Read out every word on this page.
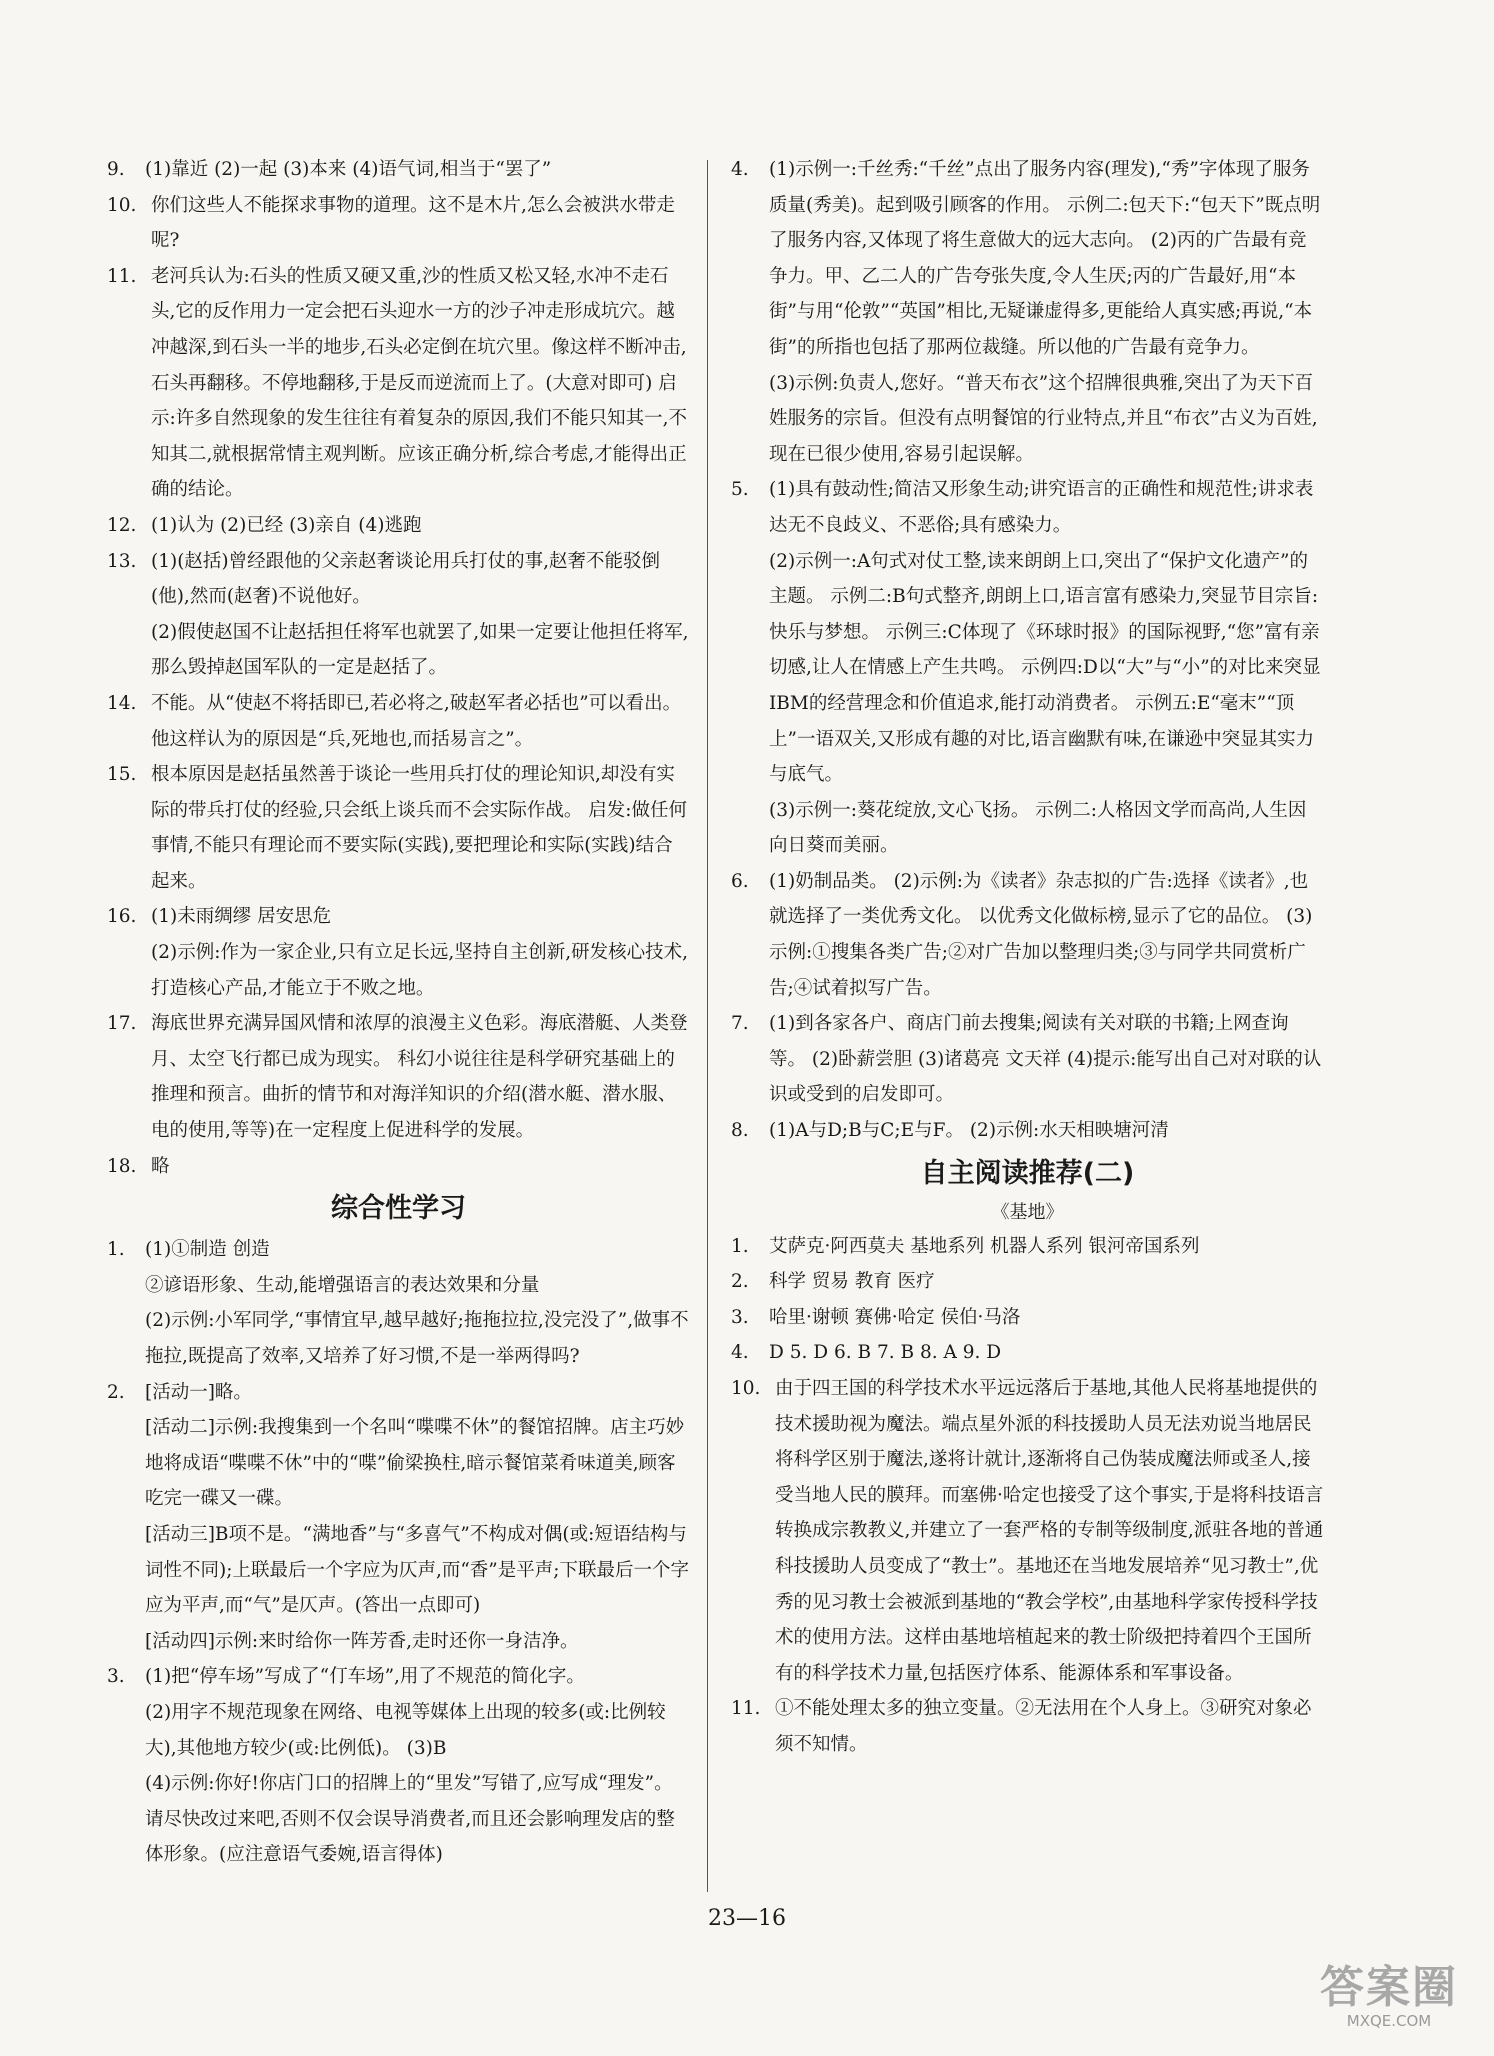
9.	(1)靠近 (2)一起 (3)本来 (4)语气词,相当于“罢了”

10. 你们这些人不能探求事物的道理。这不是木片,怎么会被洪水带走呢?

11. 老河兵认为:石头的性质又硬又重,沙的性质又松又轻,水冲不走石头,它的反作用力一定会把石头迎水一方的沙子冲走形成坑穴。越冲越深,到石头一半的地步,石头必定倒在坑穴里。像这样不断冲击,石头再翻移。不停地翻移,于是反而逆流而上了。(大意对即可) 启示:许多自然现象的发生往往有着复杂的原因,我们不能只知其一,不知其二,就根据常情主观判断。应该正确分析,综合考虑,才能得出正确的结论。

12. (1)认为 (2)已经 (3)亲自 (4)逃跑

13. (1)(赵括)曾经跟他的父亲赵奢谈论用兵打仗的事,赵奢不能驳倒(他),然而(赵奢)不说他好。

(2)假使赵国不让赵括担任将军也就罢了,如果一定要让他担任将军,那么毁掉赵国军队的一定是赵括了。

14. 不能。从“使赵不将括即已,若必将之,破赵军者必括也”可以看出。他这样认为的原因是“兵,死地也,而括易言之”。

15. 根本原因是赵括虽然善于谈论一些用兵打仗的理论知识,却没有实际的带兵打仗的经验,只会纸上谈兵而不会实际作战。 启发:做任何事情,不能只有理论而不要实际(实践),要把理论和实际(实践)结合起来。

16. (1)未雨绸缪 居安思危

(2)示例:作为一家企业,只有立足长远,坚持自主创新,研发核心技术,打造核心产品,才能立于不败之地。

17. 海底世界充满异国风情和浓厚的浪漫主义色彩。海底潜艇、人类登月、太空飞行都已成为现实。 科幻小说往往是科学研究基础上的推理和预言。曲折的情节和对海洋知识的介绍(潜水艇、潜水服、电的使用,等等)在一定程度上促进科学的发展。

18. 略

综合性学习
1.	(1)①制造 创造

②谚语形象、生动,能增强语言的表达效果和分量

(2)示例:小军同学,“事情宜早,越早越好;拖拖拉拉,没完没了”,做事不拖拉,既提高了效率,又培养了好习惯,不是一举两得吗?

2.	[活动一]略。

[活动二]示例:我搜集到一个名叫“喋喋不休”的餐馆招牌。店主巧妙地将成语“喋喋不休”中的“喋”偷梁换柱,暗示餐馆菜肴味道美,顾客吃完一碟又一碟。

[活动三]B项不是。“满地香”与“多喜气”不构成对偶(或:短语结构与词性不同);上联最后一个字应为仄声,而“香”是平声;下联最后一个字应为平声,而“气”是仄声。(答出一点即可)

[活动四]示例:来时给你一阵芳香,走时还你一身洁净。

3.	(1)把“停车场”写成了“仃车场”,用了不规范的简化字。

(2)用字不规范现象在网络、电视等媒体上出现的较多(或:比例较大),其他地方较少(或:比例低)。 (3)B

(4)示例:你好!你店门口的招牌上的“里发”写错了,应写成“理发”。请尽快改过来吧,否则不仅会误导消费者,而且还会影响理发店的整体形象。(应注意语气委婉,语言得体)

4.	(1)示例一:千丝秀:“千丝”点出了服务内容(理发),“秀”字体现了服务质量(秀美)。起到吸引顾客的作用。 示例二:包天下:“包天下”既点明了服务内容,又体现了将生意做大的远大志向。 (2)丙的广告最有竞争力。甲、乙二人的广告夸张失度,令人生厌;丙的广告最好,用“本街”与用“伦敦”“英国”相比,无疑谦虚得多,更能给人真实感;再说,“本街”的所指也包括了那两位裁缝。所以他的广告最有竞争力。

(3)示例:负责人,您好。“普天布衣”这个招牌很典雅,突出了为天下百姓服务的宗旨。但没有点明餐馆的行业特点,并且“布衣”古义为百姓,现在已很少使用,容易引起误解。

5.	(1)具有鼓动性;简洁又形象生动;讲究语言的正确性和规范性;讲求表达无不良歧义、不恶俗;具有感染力。

(2)示例一:A句式对仗工整,读来朗朗上口,突出了“保护文化遗产”的主题。 示例二:B句式整齐,朗朗上口,语言富有感染力,突显节目宗旨:快乐与梦想。 示例三:C体现了《环球时报》的国际视野,“您”富有亲切感,让人在情感上产生共鸣。 示例四:D以“大”与“小”的对比来突显IBM的经营理念和价值追求,能打动消费者。 示例五:E“毫末”“顶上”一语双关,又形成有趣的对比,语言幽默有味,在谦逊中突显其实力与底气。

(3)示例一:葵花绽放,文心飞扬。 示例二:人格因文学而高尚,人生因向日葵而美丽。

6.	(1)奶制品类。 (2)示例:为《读者》杂志拟的广告:选择《读者》,也就选择了一类优秀文化。 以优秀文化做标榜,显示了它的品位。 (3)示例:①搜集各类广告;②对广告加以整理归类;③与同学共同赏析广告;④试着拟写广告。

7.	(1)到各家各户、商店门前去搜集;阅读有关对联的书籍;上网查询等。 (2)卧薪尝胆 (3)诸葛亮 文天祥 (4)提示:能写出自己对对联的认识或受到的启发即可。

8.	(1)A与D;B与C;E与F。 (2)示例:水天相映塘河清

自主阅读推荐(二)
《基地》
1.	艾萨克·阿西莫夫 基地系列 机器人系列 银河帝国系列

2.	科学 贸易 教育 医疗

3.	哈里·谢顿 赛佛·哈定 侯伯·马洛

4.	D 5. D 6. B 7. B 8. A 9. D

10. 由于四王国的科学技术水平远远落后于基地,其他人民将基地提供的技术援助视为魔法。端点星外派的科技援助人员无法劝说当地居民将科学区别于魔法,遂将计就计,逐渐将自己伪装成魔法师或圣人,接受当地人民的膜拜。而塞佛·哈定也接受了这个事实,于是将科技语言转换成宗教教义,并建立了一套严格的专制等级制度,派驻各地的普通科技援助人员变成了“教士”。基地还在当地发展培养“见习教士”,优秀的见习教士会被派到基地的“教会学校”,由基地科学家传授科学技术的使用方法。这样由基地培植起来的教士阶级把持着四个王国所有的科学技术力量,包括医疗体系、能源体系和军事设备。

11. ①不能处理太多的独立变量。②无法用在个人身上。③研究对象必须不知情。

23—16
答案圈
MXQE.COM
